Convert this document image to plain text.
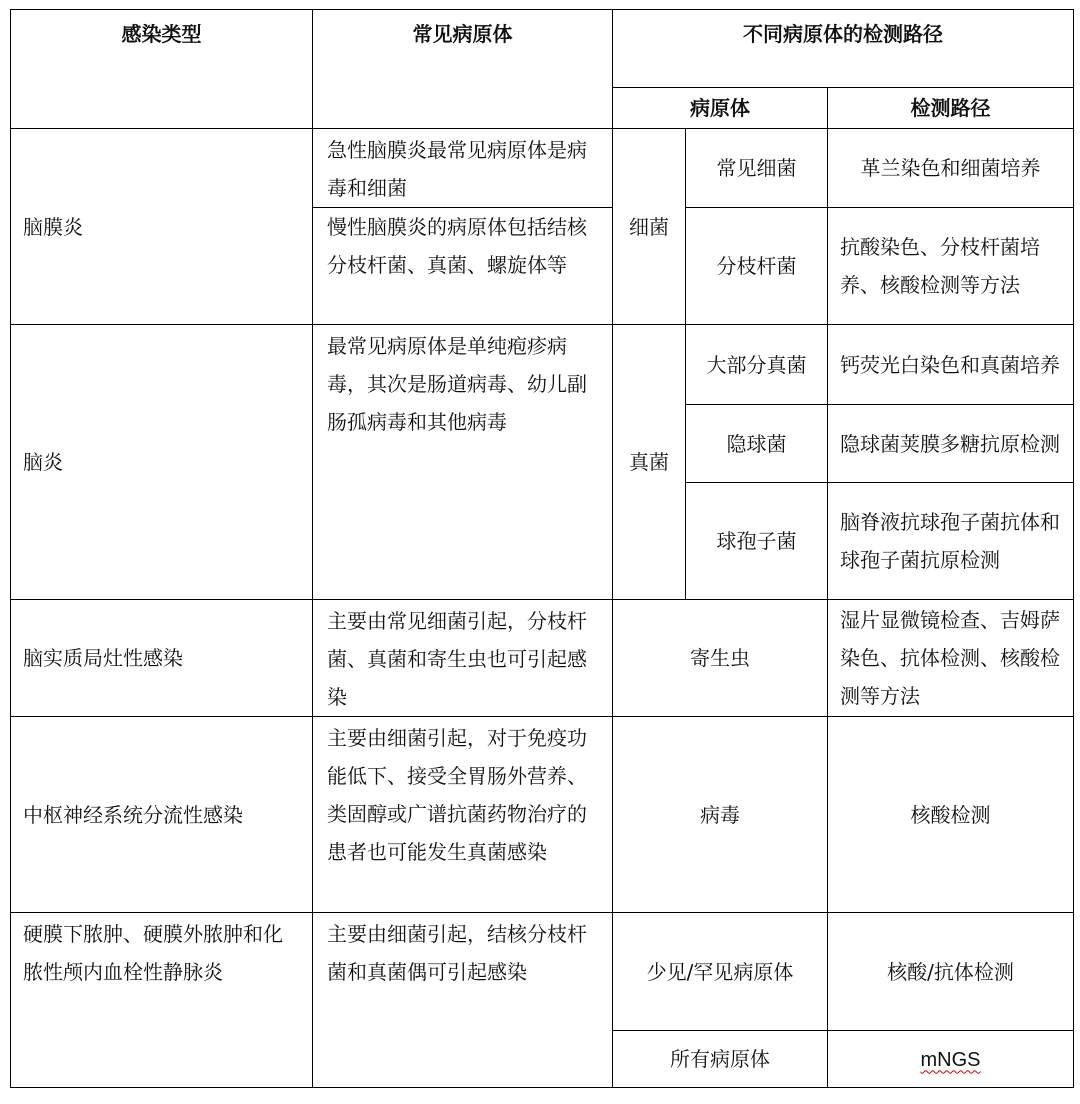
感染类型	常见病原体	不同病原体的检测路径		
		病原体		检测路径
脑膜炎	急性脑膜炎最常见病原体是病毒和细菌	细菌	常见细菌	革兰染色和细菌培养
	慢性脑膜炎的病原体包括结核分枝杆菌、真菌、螺旋体等		分枝杆菌	抗酸染色、分枝杆菌培养、核酸检测等方法
脑炎	最常见病原体是单纯疱疹病毒，其次是肠道病毒、幼儿副肠孤病毒和其他病毒	真菌	大部分真菌	钙荧光白染色和真菌培养
			隐球菌	隐球菌荚膜多糖抗原检测
			球孢子菌	脑脊液抗球孢子菌抗体和球孢子菌抗原检测
脑实质局灶性感染	主要由常见细菌引起，分枝杆菌、真菌和寄生虫也可引起感染	寄生虫		湿片显微镜检查、吉姆萨染色、抗体检测、核酸检测等方法
中枢神经系统分流性感染	主要由细菌引起，对于免疫功能低下、接受全胃肠外营养、类固醇或广谱抗菌药物治疗的患者也可能发生真菌感染	病毒		核酸检测
硬膜下脓肿、硬膜外脓肿和化脓性颅内血栓性静脉炎	主要由细菌引起，结核分枝杆菌和真菌偶可引起感染	少见/罕见病原体		核酸/抗体检测
		所有病原体		mNGS
